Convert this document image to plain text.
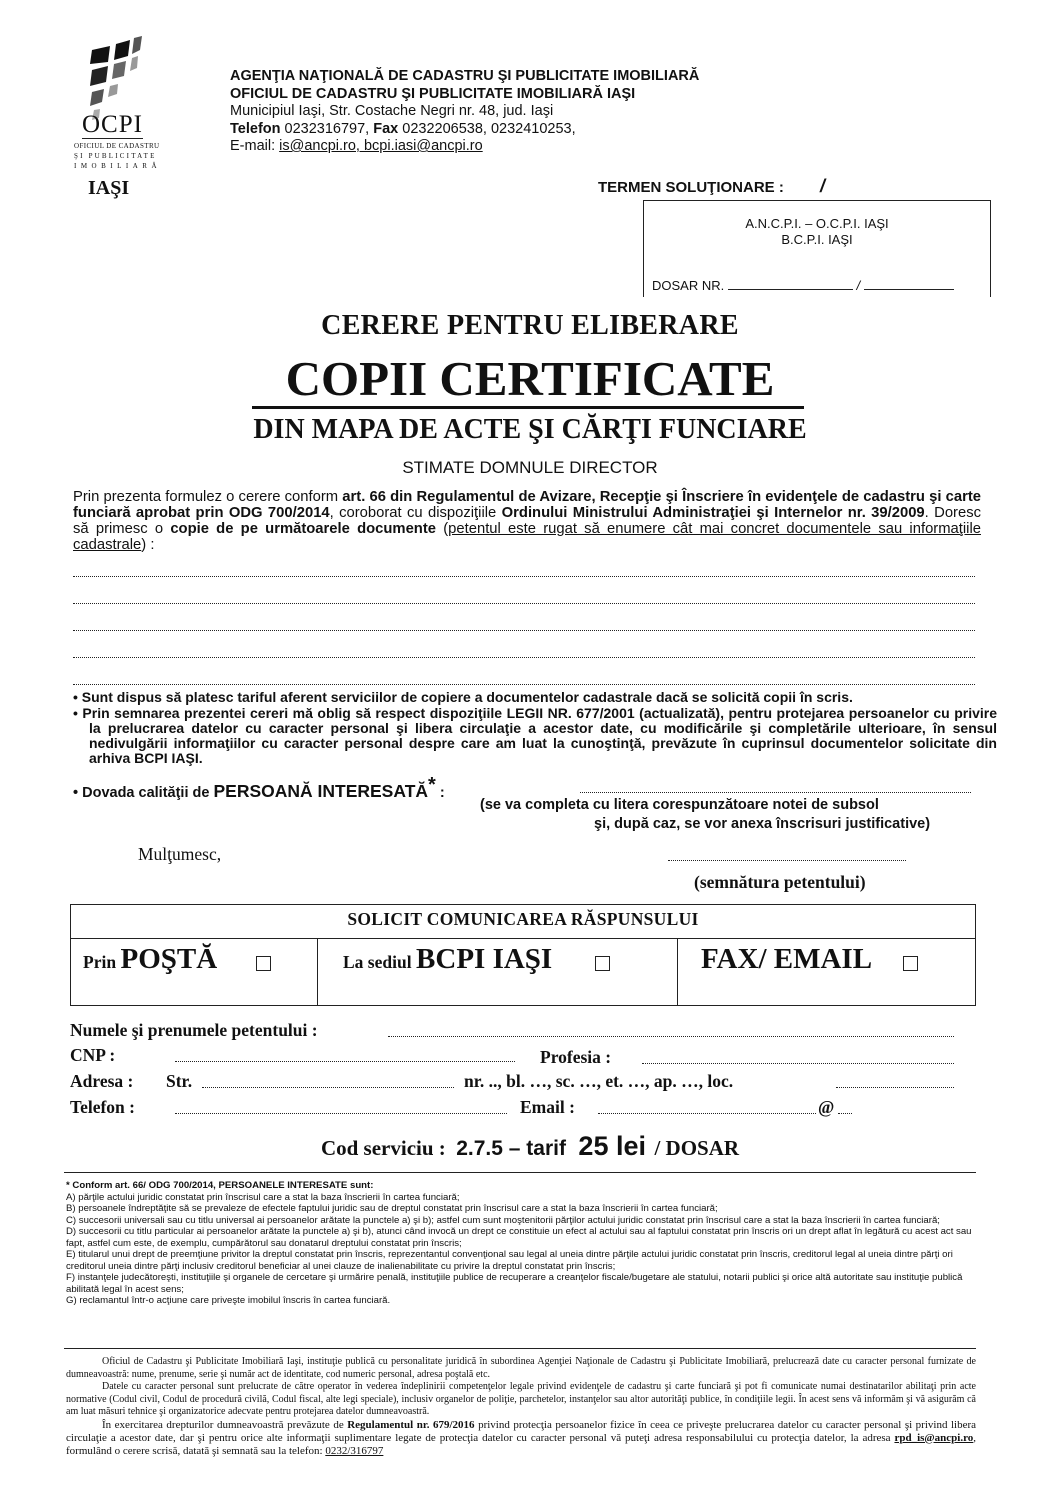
OCPI
OFICIUL DE CADASTRU
ŞI PUBLICITATE
IMOBILIARĂ
IAŞI
AGENŢIA NAŢIONALĂ DE CADASTRU ŞI PUBLICITATE IMOBILIARĂ
OFICIUL DE CADASTRU ŞI PUBLICITATE IMOBILIARĂ IAŞI
Municipiul Iaşi, Str. Costache Negri nr. 48, jud. Iaşi
Telefon 0232316797, Fax 0232206538, 0232410253,
E-mail: is@ancpi.ro, bcpi.iasi@ancpi.ro
TERMEN SOLUŢIONARE : /
A.N.C.P.I. – O.C.P.I. IAŞI
B.C.P.I. IAŞI
DOSAR NR.	/
CERERE PENTRU ELIBERARE
COPII CERTIFICATE
DIN MAPA DE ACTE ŞI CĂRŢI FUNCIARE
STIMATE DOMNULE DIRECTOR
Prin prezenta formulez o cerere conform art. 66 din Regulamentul de Avizare, Recepţie şi Înscriere în evidenţele de cadastru şi carte funciară aprobat prin ODG 700/2014, coroborat cu dispoziţiile Ordinului Ministrului Administraţiei şi Internelor nr. 39/2009. Doresc să primesc o copie de pe următoarele documente (petentul este rugat să enumere cât mai concret documentele sau informaţiile cadastrale) :
• Sunt dispus să platesc tariful aferent serviciilor de copiere a documentelor cadastrale dacă se solicită copii în scris.
• Prin semnarea prezentei cereri mă oblig să respect dispoziţiile LEGII NR. 677/2001 (actualizată), pentru protejarea persoanelor cu privire la prelucrarea datelor cu caracter personal şi libera circulaţie a acestor date, cu modificările şi completările ulterioare, în sensul nedivulgării informaţiilor cu caracter personal despre care am luat la cunoştinţă, prevăzute în cuprinsul documentelor solicitate din arhiva BCPI IAŞI.
• Dovada calităţii de PERSOANĂ INTERESATĂ* :
(se va completa cu litera corespunzătoare notei de subsol
şi, după caz, se vor anexa înscrisuri justificative)
Mulţumesc,
(semnătura petentului)
SOLICIT COMUNICAREA RĂSPUNSULUI
Prin POŞTĂ	La sediul BCPI IAŞI	FAX/ EMAIL
Numele şi prenumele petentului :
CNP :	Profesia :
Adresa : Str.	nr. .., bl. …, sc. …, et. …, ap. …, loc.
Telefon :	Email :	@
Cod serviciu : 2.7.5 – tarif 25 lei / DOSAR
* Conform art. 66/ ODG 700/2014, PERSOANELE INTERESATE sunt:
A) părţile actului juridic constatat prin înscrisul care a stat la baza înscrierii în cartea funciară;
B) persoanele îndreptăţite să se prevaleze de efectele faptului juridic sau de dreptul constatat prin înscrisul care a stat la baza înscrierii în cartea funciară;
C) succesorii universali sau cu titlu universal ai persoanelor arătate la punctele a) şi b); astfel cum sunt moştenitorii părţilor actului juridic constatat prin înscrisul care a stat la baza înscrierii în cartea funciară;
D) succesorii cu titlu particular ai persoanelor arătate la punctele a) şi b), atunci când invocă un drept ce constituie un efect al actului sau al faptului constatat prin înscris ori un drept aflat în legătură cu acest act sau fapt, astfel cum este, de exemplu, cumpărătorul sau donatarul dreptului constatat prin înscris;
E) titularul unui drept de preemţiune privitor la dreptul constatat prin înscris, reprezentantul convenţional sau legal al uneia dintre părţile actului juridic constatat prin înscris, creditorul legal al uneia dintre părţi ori creditorul uneia dintre părţi inclusiv creditorul beneficiar al unei clauze de inalienabilitate cu privire la dreptul constatat prin înscris;
F) instanţele judecătoreşti, instituţiile şi organele de cercetare şi urmărire penală, instituţiile publice de recuperare a creanţelor fiscale/bugetare ale statului, notarii publici şi orice altă autoritate sau instituţie publică abilitată legal în acest sens;
G) reclamantul într-o acţiune care priveşte imobilul înscris în cartea funciară.
Oficiul de Cadastru şi Publicitate Imobiliară Iaşi, instituţie publică cu personalitate juridică în subordinea Agenţiei Naţionale de Cadastru şi Publicitate Imobiliară, prelucrează date cu caracter personal furnizate de dumneavoastră: nume, prenume, serie şi număr act de identitate, cod numeric personal, adresa poştală etc.
Datele cu caracter personal sunt prelucrate de către operator în vederea îndeplinirii competenţelor legale privind evidenţele de cadastru şi carte funciară şi pot fi comunicate numai destinatarilor abilitaţi prin acte normative (Codul civil, Codul de procedură civilă, Codul fiscal, alte legi speciale), inclusiv organelor de poliţie, parchetelor, instanţelor sau altor autorităţi publice, în condiţiile legii. În acest sens vă informăm şi vă asigurăm că am luat măsuri tehnice şi organizatorice adecvate pentru protejarea datelor dumneavoastră.
În exercitarea drepturilor dumneavoastră prevăzute de Regulamentul nr. 679/2016 privind protecţia persoanelor fizice în ceea ce priveşte prelucrarea datelor cu caracter personal şi privind libera circulaţie a acestor date, dar şi pentru orice alte informaţii suplimentare legate de protecţia datelor cu caracter personal vă puteţi adresa responsabilului cu protecţia datelor, la adresa rpd_is@ancpi.ro, formulând o cerere scrisă, datată şi semnată sau la telefon: 0232/316797
